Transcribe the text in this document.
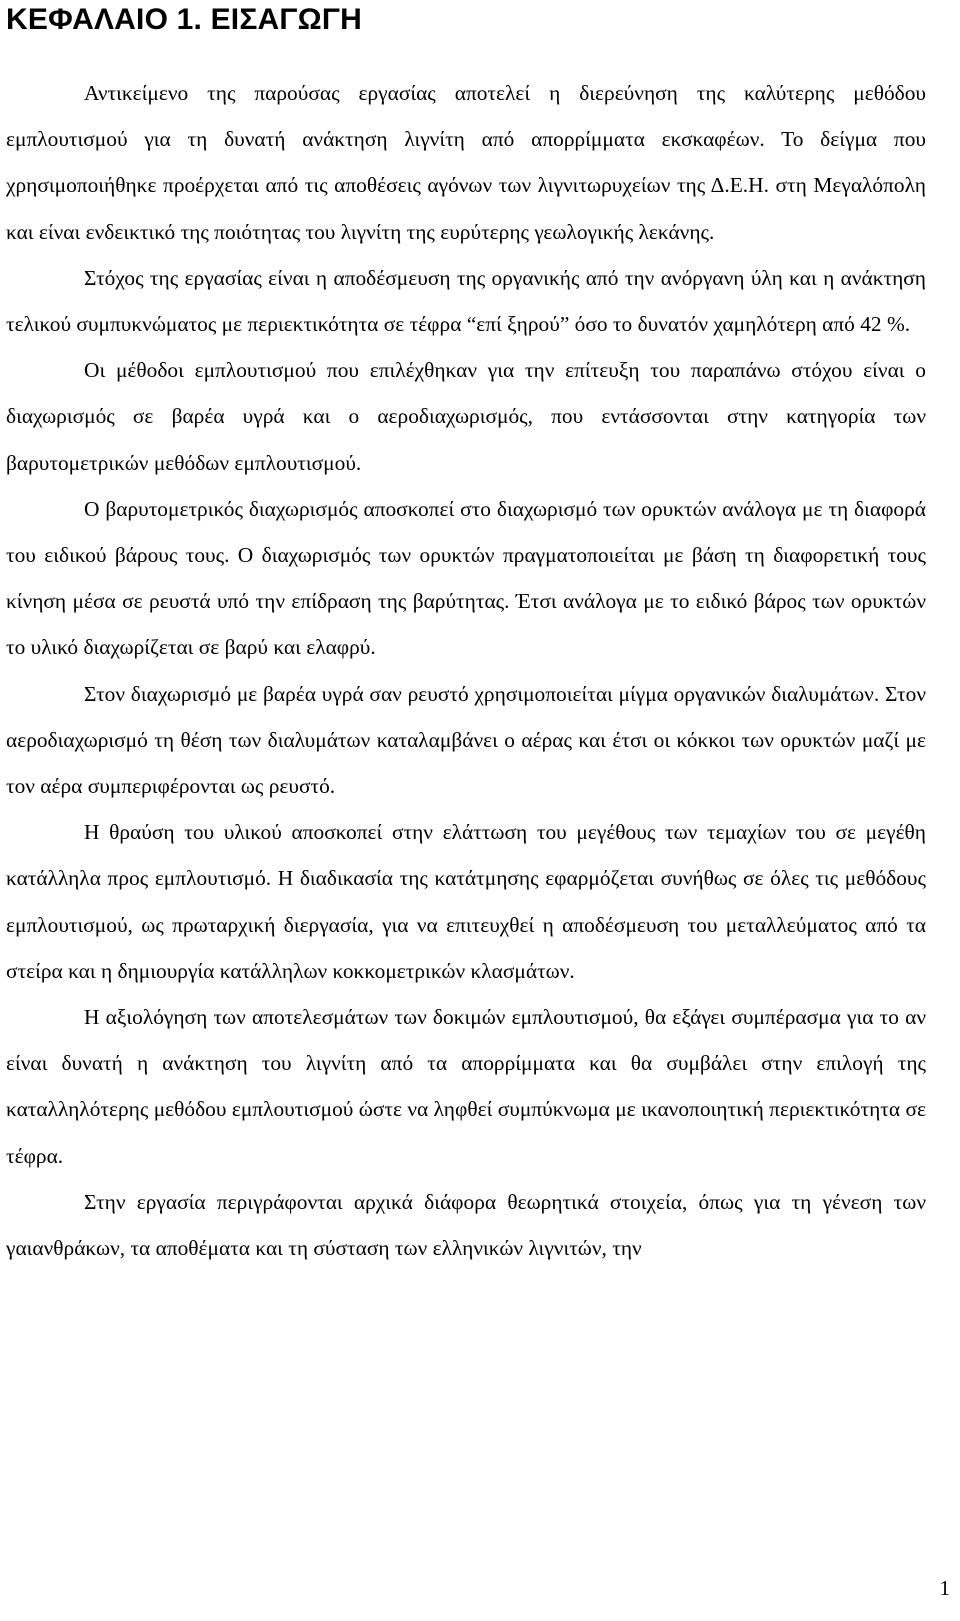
ΚΕΦΑΛΑΙΟ 1. ΕΙΣΑΓΩΓΗ

Αντικείμενο της παρούσας εργασίας αποτελεί η διερεύνηση της καλύτερης μεθόδου εμπλουτισμού για τη δυνατή ανάκτηση λιγνίτη από απορρίμματα εκσκαφέων. Το δείγμα που χρησιμοποιήθηκε προέρχεται από τις αποθέσεις αγόνων των λιγνιτωρυχείων της Δ.Ε.Η. στη Μεγαλόπολη και είναι ενδεικτικό της ποιότητας του λιγνίτη της ευρύτερης γεωλογικής λεκάνης.

Στόχος της εργασίας είναι η αποδέσμευση της οργανικής από την ανόργανη ύλη και η ανάκτηση τελικού συμπυκνώματος με περιεκτικότητα σε τέφρα “επί ξηρού” όσο το δυνατόν χαμηλότερη από 42 %.

Οι μέθοδοι εμπλουτισμού που επιλέχθηκαν για την επίτευξη του παραπάνω στόχου είναι ο διαχωρισμός σε βαρέα υγρά και ο αεροδιαχωρισμός, που εντάσσονται στην κατηγορία των βαρυτομετρικών μεθόδων εμπλουτισμού.

Ο βαρυτομετρικός διαχωρισμός αποσκοπεί στο διαχωρισμό των ορυκτών ανάλογα με τη διαφορά του ειδικού βάρους τους. Ο διαχωρισμός των ορυκτών πραγματοποιείται με βάση τη διαφορετική τους κίνηση μέσα σε ρευστά υπό την επίδραση της βαρύτητας. Έτσι ανάλογα με το ειδικό βάρος των ορυκτών το υλικό διαχωρίζεται σε βαρύ και ελαφρύ.

Στον διαχωρισμό με βαρέα υγρά σαν ρευστό χρησιμοποιείται μίγμα οργανικών διαλυμάτων. Στον αεροδιαχωρισμό τη θέση των διαλυμάτων καταλαμβάνει ο αέρας και έτσι οι κόκκοι των ορυκτών μαζί με τον αέρα συμπεριφέρονται ως ρευστό.

Η θραύση του υλικού αποσκοπεί στην ελάττωση του μεγέθους των τεμαχίων του σε μεγέθη κατάλληλα προς εμπλουτισμό. Η διαδικασία της κατάτμησης εφαρμόζεται συνήθως σε όλες τις μεθόδους εμπλουτισμού, ως πρωταρχική διεργασία, για να επιτευχθεί η αποδέσμευση του μεταλλεύματος από τα στείρα και η δημιουργία κατάλληλων κοκκομετρικών κλασμάτων.

Η αξιολόγηση των αποτελεσμάτων των δοκιμών εμπλουτισμού, θα εξάγει συμπέρασμα για το αν είναι δυνατή η ανάκτηση του λιγνίτη από τα απορρίμματα και θα συμβάλει στην επιλογή της καταλληλότερης μεθόδου εμπλουτισμού ώστε να ληφθεί συμπύκνωμα με ικανοποιητική περιεκτικότητα σε τέφρα.

Στην εργασία περιγράφονται αρχικά διάφορα θεωρητικά στοιχεία, όπως για τη γένεση των γαιανθράκων, τα αποθέματα και τη σύσταση των ελληνικών λιγνιτών, την

1
